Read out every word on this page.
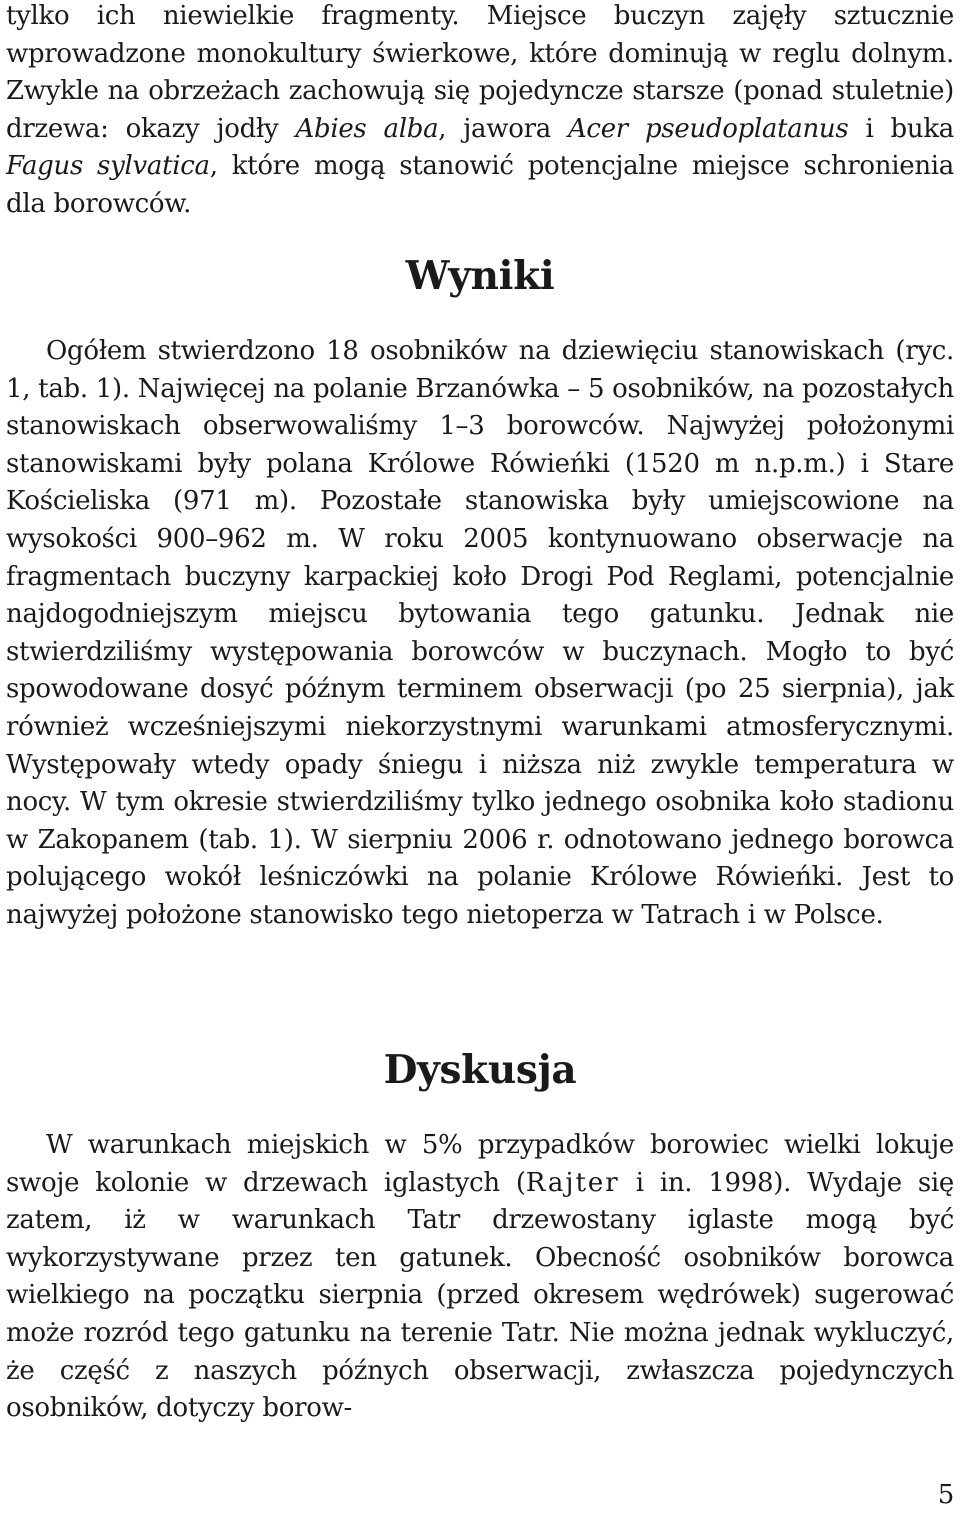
tylko ich niewielkie fragmenty. Miejsce buczyn zajęły sztucznie wprowadzone monokultury świerkowe, które dominują w reglu dolnym. Zwykle na obrzeżach zachowują się pojedyncze starsze (ponad stuletnie) drzewa: okazy jodły Abies alba, jawora Acer pseudoplatanus i buka Fagus sylvatica, które mogą stanowić potencjalne miejsce schronienia dla borowców.

Wyniki

Ogółem stwierdzono 18 osobników na dziewięciu stanowiskach (ryc. 1, tab. 1). Najwięcej na polanie Brzanówka – 5 osobników, na pozostałych stanowiskach obserwowaliśmy 1–3 borowców. Najwyżej położonymi stanowiskami były polana Królowe Rówieńki (1520 m n.p.m.) i Stare Kościeliska (971 m). Pozostałe stanowiska były umiejscowione na wysokości 900–962 m. W roku 2005 kontynuowano obserwacje na fragmentach buczyny karpackiej koło Drogi Pod Reglami, potencjalnie najdogodniejszym miejscu bytowania tego gatunku. Jednak nie stwierdziliśmy występowania borowców w buczynach. Mogło to być spowodowane dosyć późnym terminem obserwacji (po 25 sierpnia), jak również wcześniejszymi niekorzystnymi warunkami atmosferycznymi. Występowały wtedy opady śniegu i niższa niż zwykle temperatura w nocy. W tym okresie stwierdziliśmy tylko jednego osobnika koło stadionu w Zakopanem (tab. 1). W sierpniu 2006 r. odnotowano jednego borowca polującego wokół leśniczówki na polanie Królowe Rówieńki. Jest to najwyżej położone stanowisko tego nietoperza w Tatrach i w Polsce.

Dyskusja

W warunkach miejskich w 5% przypadków borowiec wielki lokuje swoje kolonie w drzewach iglastych (Rajter i in. 1998). Wydaje się zatem, iż w warunkach Tatr drzewostany iglaste mogą być wykorzystywane przez ten gatunek. Obecność osobników borowca wielkiego na początku sierpnia (przed okresem wędrówek) sugerować może rozród tego gatunku na terenie Tatr. Nie można jednak wykluczyć, że część z naszych późnych obserwacji, zwłaszcza pojedynczych osobników, dotyczy borow-

5
